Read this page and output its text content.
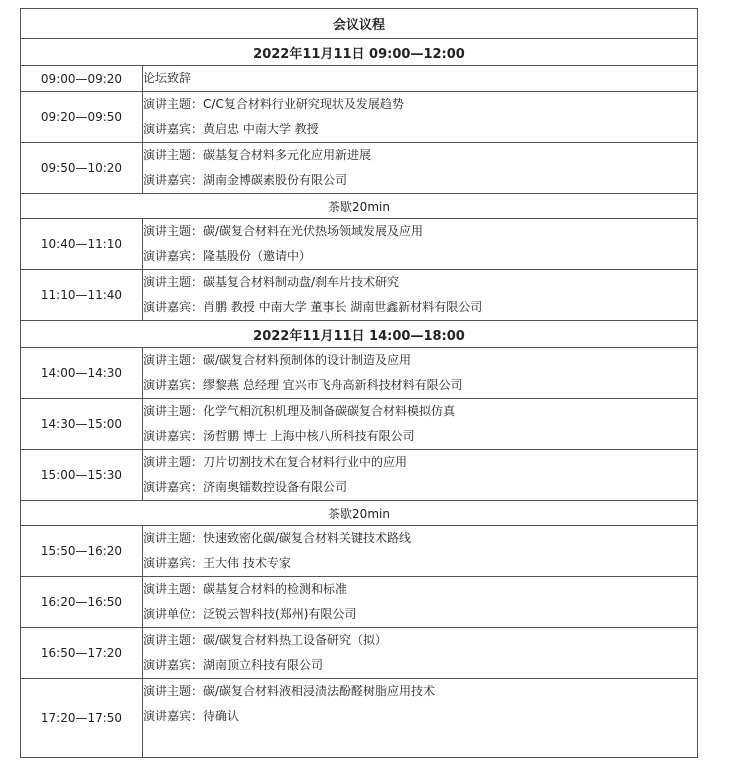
会议议程	
2022年11月11日 09:00—12:00	
09:00—09:20	论坛致辞

09:20—09:50	演讲主题：C/C复合材料行业研究现状及发展趋势
演讲嘉宾：黄启忠 中南大学 教授

09:50—10:20	演讲主题：碳基复合材料多元化应用新进展
演讲嘉宾：湖南金博碳素股份有限公司

茶歇20min	
10:40—11:10	演讲主题：碳/碳复合材料在光伏热场领域发展及应用
演讲嘉宾：隆基股份（邀请中）

11:10—11:40	演讲主题：碳基复合材料制动盘/刹车片技术研究
演讲嘉宾：肖鹏 教授 中南大学 董事长 湖南世鑫新材料有限公司

2022年11月11日 14:00—18:00	
14:00—14:30	演讲主题：碳/碳复合材料预制体的设计制造及应用
演讲嘉宾：缪黎燕 总经理 宜兴市飞舟高新科技材料有限公司

14:30—15:00	演讲主题：化学气相沉积机理及制备碳碳复合材料模拟仿真
演讲嘉宾：汤哲鹏 博士 上海中核八所科技有限公司

15:00—15:30	演讲主题：刀片切割技术在复合材料行业中的应用
演讲嘉宾：济南奥镭数控设备有限公司

茶歇20min	
15:50—16:20	演讲主题：快速致密化碳/碳复合材料关键技术路线
演讲嘉宾：王大伟 技术专家

16:20—16:50	演讲主题：碳基复合材料的检测和标准
演讲单位：泛锐云智科技(郑州)有限公司

16:50—17:20	演讲主题：碳/碳复合材料热工设备研究（拟）
演讲嘉宾：湖南顶立科技有限公司

17:20—17:50	演讲主题：碳/碳复合材料液相浸渍法酚醛树脂应用技术
演讲嘉宾：待确认
